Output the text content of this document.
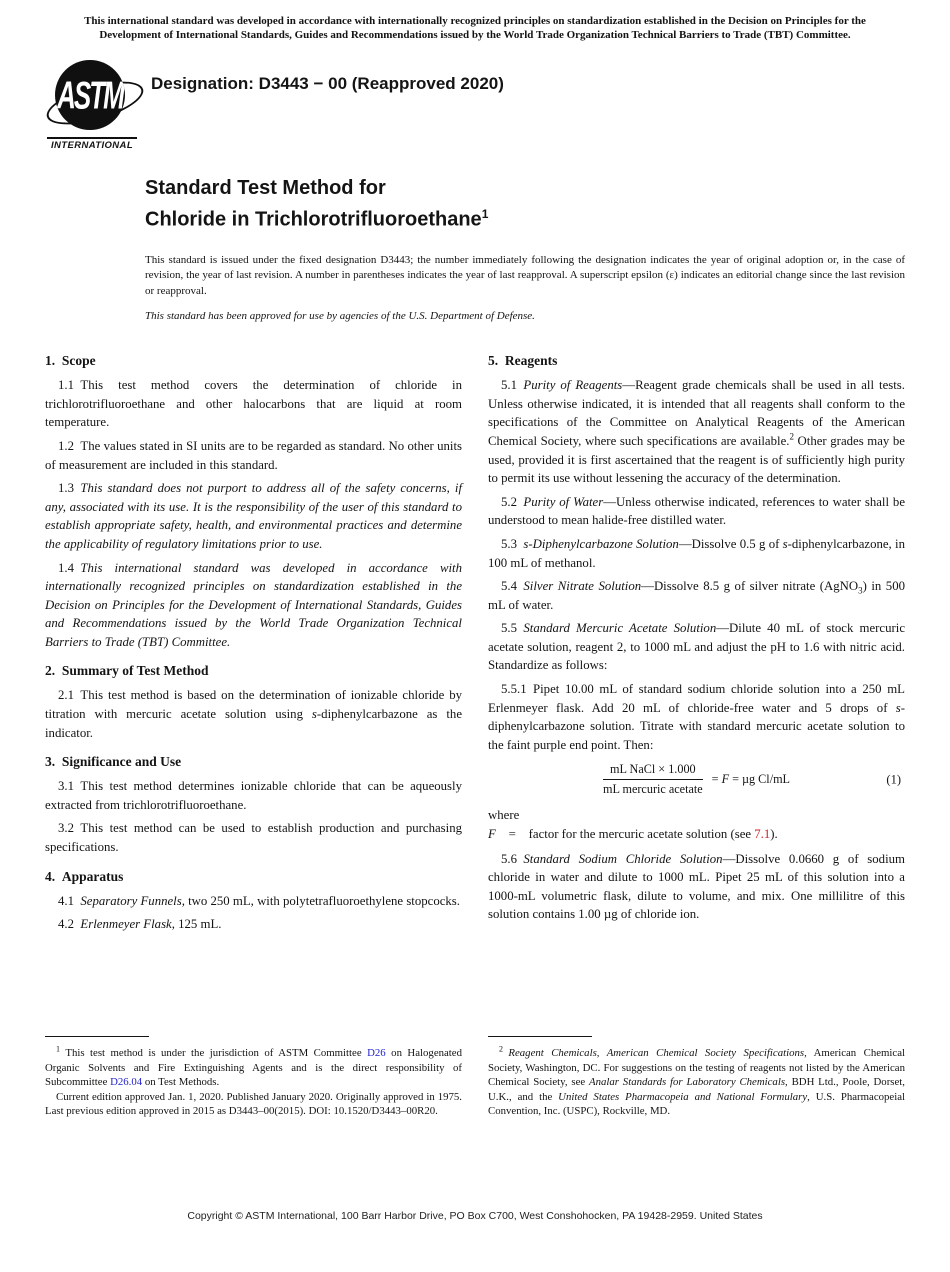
This international standard was developed in accordance with internationally recognized principles on standardization established in the Decision on Principles for the Development of International Standards, Guides and Recommendations issued by the World Trade Organization Technical Barriers to Trade (TBT) Committee.

ASTM
INTERNATIONAL
Designation: D3443 − 00 (Reapproved 2020)
Standard Test Method for
Chloride in Trichlorotrifluoroethane$^1$

This standard is issued under the fixed designation D3443; the number immediately following the designation indicates the year of original adoption or, in the case of revision, the year of last revision. A number in parentheses indicates the year of last reapproval. A superscript epsilon (ε) indicates an editorial change since the last revision or reapproval.

This standard has been approved for use by agencies of the U.S. Department of Defense.

1. Scope

1.1 This test method covers the determination of chloride in trichlorotrifluoroethane and other halocarbons that are liquid at room temperature.

1.2 The values stated in SI units are to be regarded as standard. No other units of measurement are included in this standard.

1.3 This standard does not purport to address all of the safety concerns, if any, associated with its use. It is the responsibility of the user of this standard to establish appropriate safety, health, and environmental practices and determine the applicability of regulatory limitations prior to use.

1.4 This international standard was developed in accordance with internationally recognized principles on standardization established in the Decision on Principles for the Development of International Standards, Guides and Recommendations issued by the World Trade Organization Technical Barriers to Trade (TBT) Committee.

2. Summary of Test Method

2.1 This test method is based on the determination of ionizable chloride by titration with mercuric acetate solution using s-diphenylcarbazone as the indicator.

3. Significance and Use

3.1 This test method determines ionizable chloride that can be aqueously extracted from trichlorotrifluoroethane.

3.2 This test method can be used to establish production and purchasing specifications.

4. Apparatus

4.1 Separatory Funnels, two 250 mL, with polytetrafluoroethylene stopcocks.

4.2 Erlenmeyer Flask, 125 mL.

5. Reagents

5.1 Purity of Reagents—Reagent grade chemicals shall be used in all tests. Unless otherwise indicated, it is intended that all reagents shall conform to the specifications of the Committee on Analytical Reagents of the American Chemical Society, where such specifications are available.$^2$ Other grades may be used, provided it is first ascertained that the reagent is of sufficiently high purity to permit its use without lessening the accuracy of the determination.

5.2 Purity of Water—Unless otherwise indicated, references to water shall be understood to mean halide-free distilled water.

5.3 s-Diphenylcarbazone Solution—Dissolve 0.5 g of s-diphenylcarbazone, in 100 mL of methanol.

5.4 Silver Nitrate Solution—Dissolve 8.5 g of silver nitrate (AgNO$_3$) in 500 mL of water.

5.5 Standard Mercuric Acetate Solution—Dilute 40 mL of stock mercuric acetate solution, reagent 2, to 1000 mL and adjust the pH to 1.6 with nitric acid. Standardize as follows:

5.5.1 Pipet 10.00 mL of standard sodium chloride solution into a 250 mL Erlenmeyer flask. Add 20 mL of chloride-free water and 5 drops of s-diphenylcarbazone solution. Titrate with standard mercuric acetate solution to the faint purple end point. Then:

$\frac{\text{mL NaCl × 1.000}}{\text{mL mercuric acetate}} = F = \mu g$ Cl/mL	(1)

where

F = factor for the mercuric acetate solution (see 7.1).

5.6 Standard Sodium Chloride Solution—Dissolve 0.0660 g of sodium chloride in water and dilute to 1000 mL. Pipet 25 mL of this solution into a 1000-mL volumetric flask, dilute to volume, and mix. One millilitre of this solution contains 1.00 µg of chloride ion.

$^1$ This test method is under the jurisdiction of ASTM Committee D26 on Halogenated Organic Solvents and Fire Extinguishing Agents and is the direct responsibility of Subcommittee D26.04 on Test Methods.

Current edition approved Jan. 1, 2020. Published January 2020. Originally approved in 1975. Last previous edition approved in 2015 as D3443–00(2015). DOI: 10.1520/D3443–00R20.

$^2$ Reagent Chemicals, American Chemical Society Specifications, American Chemical Society, Washington, DC. For suggestions on the testing of reagents not listed by the American Chemical Society, see Analar Standards for Laboratory Chemicals, BDH Ltd., Poole, Dorset, U.K., and the United States Pharmacopeia and National Formulary, U.S. Pharmacopeial Convention, Inc. (USPC), Rockville, MD.

Copyright © ASTM International, 100 Barr Harbor Drive, PO Box C700, West Conshohocken, PA 19428-2959. United States
